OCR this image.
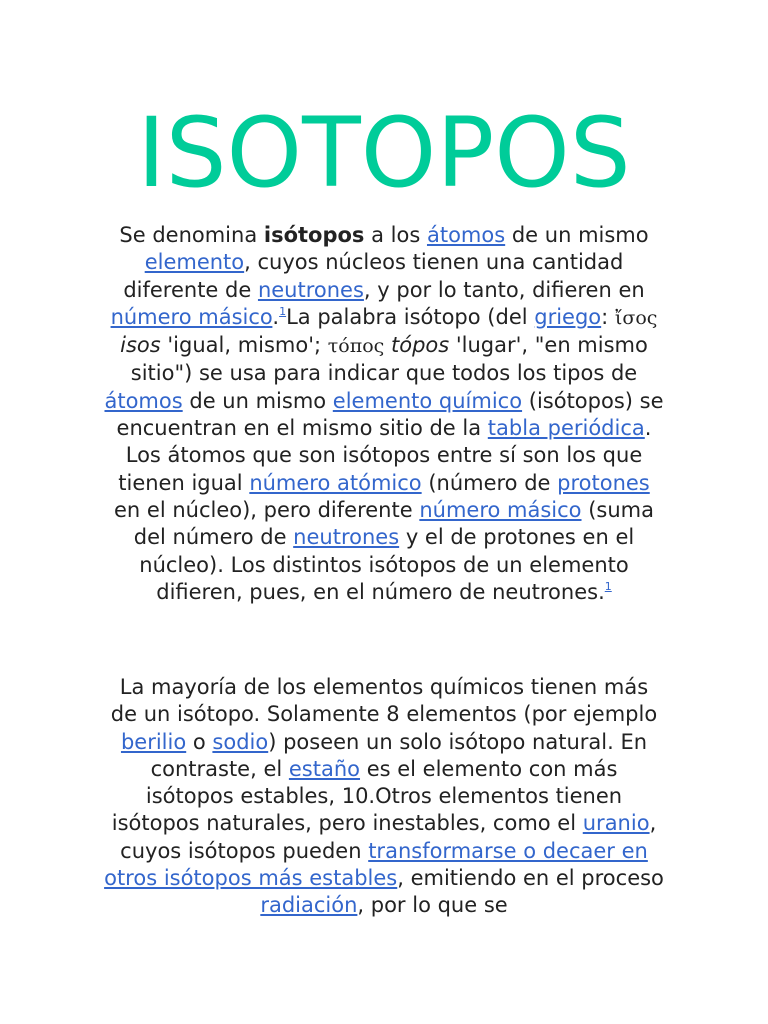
ISOTOPOS

Se denomina isótopos a los átomos de un mismo elemento, cuyos núcleos tienen una cantidad diferente de neutrones, y por lo tanto, difieren en número másico.$^1$La palabra isótopo (del griego: ἴσος isos 'igual, mismo'; τόπος tópos 'lugar', "en mismo sitio") se usa para indicar que todos los tipos de átomos de un mismo elemento químico (isótopos) se encuentran en el mismo sitio de la tabla periódica. Los átomos que son isótopos entre sí son los que tienen igual número atómico (número de protones en el núcleo), pero diferente número másico (suma del número de neutrones y el de protones en el núcleo). Los distintos isótopos de un elemento difieren, pues, en el número de neutrones.$^1$

La mayoría de los elementos químicos tienen más de un isótopo. Solamente 8 elementos (por ejemplo berilio o sodio) poseen un solo isótopo natural. En contraste, el estaño es el elemento con más isótopos estables, 10.Otros elementos tienen isótopos naturales, pero inestables, como el uranio, cuyos isótopos pueden transformarse o decaer en otros isótopos más estables, emitiendo en el proceso radiación, por lo que se
